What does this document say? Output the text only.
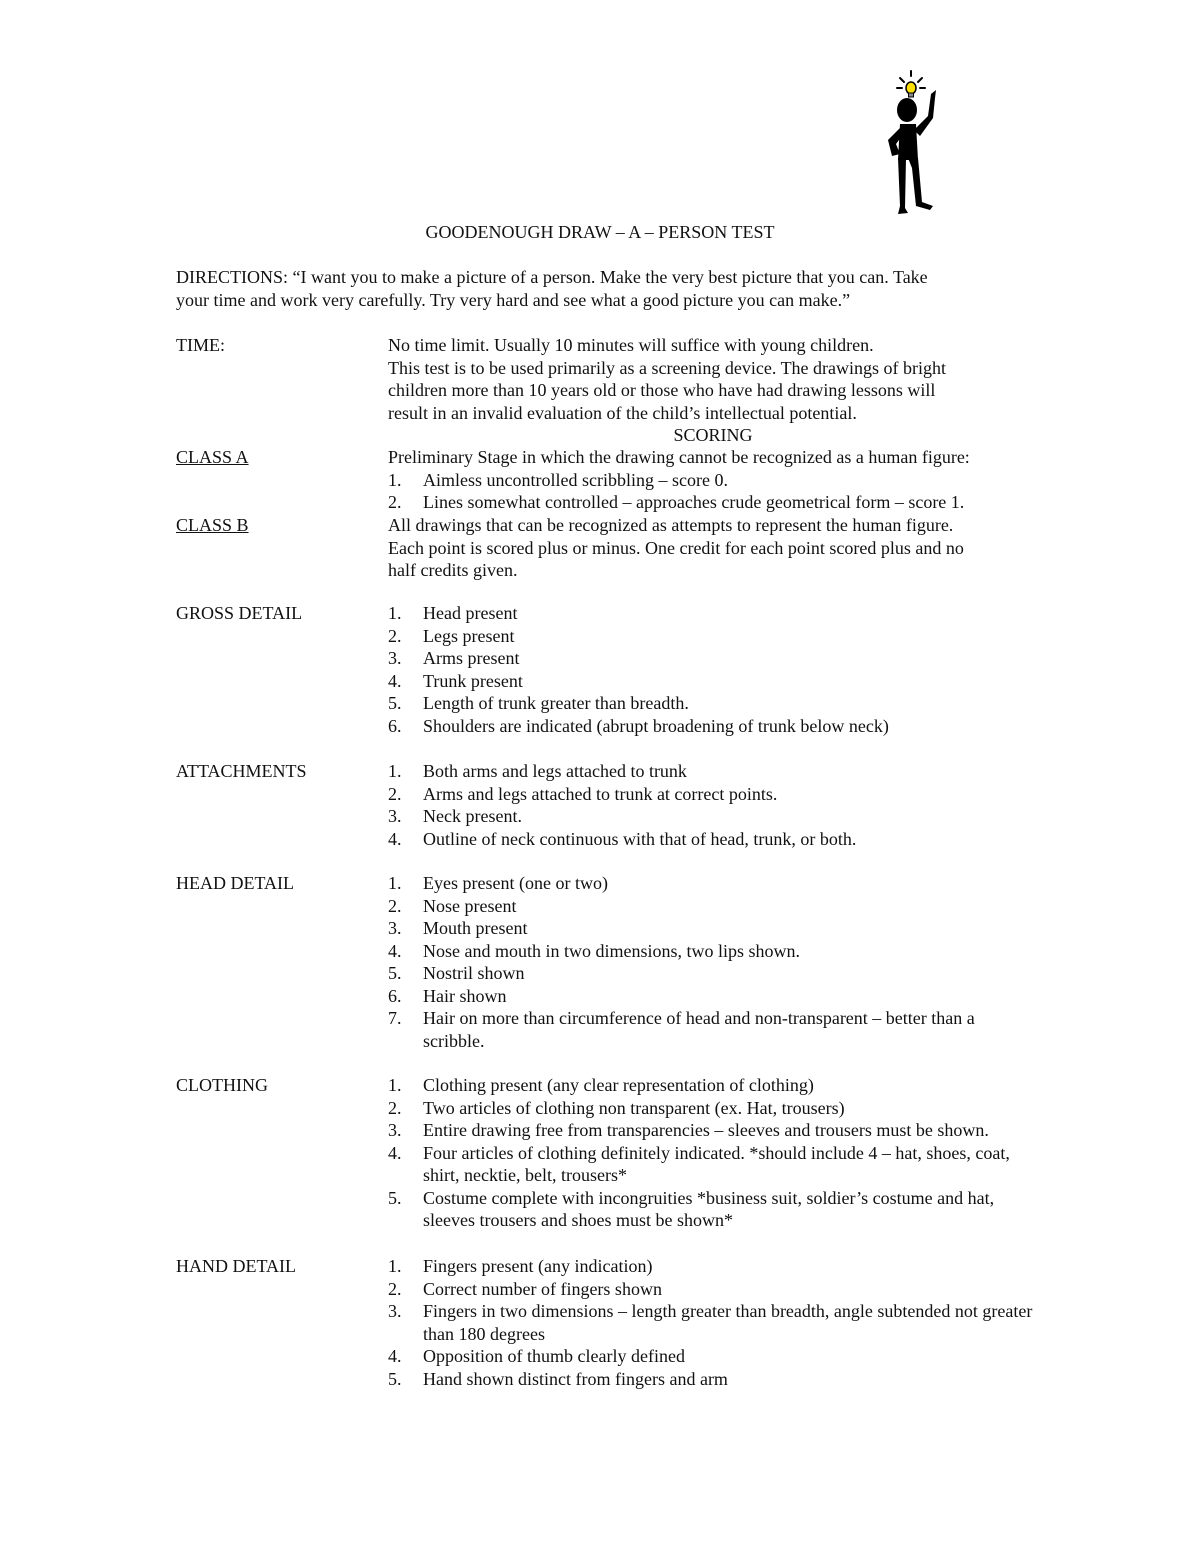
GOODENOUGH DRAW – A – PERSON TEST
DIRECTIONS: “I want you to make a picture of a person. Make the very best picture that you can. Take
your time and work very carefully. Try very hard and see what a good picture you can make.”
TIME:	No time limit. Usually 10 minutes will suffice with young children.
This test is to be used primarily as a screening device. The drawings of bright
children more than 10 years old or those who have had drawing lessons will
result in an invalid evaluation of the child’s intellectual potential.
SCORING
CLASS A	Preliminary Stage in which the drawing cannot be recognized as a human figure:
1.	Aimless uncontrolled scribbling – score 0.
2.	Lines somewhat controlled – approaches crude geometrical form – score 1.
CLASS B	All drawings that can be recognized as attempts to represent the human figure.
Each point is scored plus or minus. One credit for each point scored plus and no
half credits given.
GROSS DETAIL	1.	Head present
2.	Legs present
3.	Arms present
4.	Trunk present
5.	Length of trunk greater than breadth.
6.	Shoulders are indicated (abrupt broadening of trunk below neck)
ATTACHMENTS	1.	Both arms and legs attached to trunk
2.	Arms and legs attached to trunk at correct points.
3.	Neck present.
4.	Outline of neck continuous with that of head, trunk, or both.
HEAD DETAIL	1.	Eyes present (one or two)
2.	Nose present
3.	Mouth present
4.	Nose and mouth in two dimensions, two lips shown.
5.	Nostril shown
6.	Hair shown
7.	Hair on more than circumference of head and non-transparent – better than a scribble.
CLOTHING	1.	Clothing present (any clear representation of clothing)
2.	Two articles of clothing non transparent (ex. Hat, trousers)
3.	Entire drawing free from transparencies – sleeves and trousers must be shown.
4.	Four articles of clothing definitely indicated. *should include 4 – hat, shoes, coat, shirt, necktie, belt, trousers*
5.	Costume complete with incongruities *business suit, soldier’s costume and hat, sleeves trousers and shoes must be shown*
HAND DETAIL	1.	Fingers present (any indication)
2.	Correct number of fingers shown
3.	Fingers in two dimensions – length greater than breadth, angle subtended not greater than 180 degrees
4.	Opposition of thumb clearly defined
5.	Hand shown distinct from fingers and arm
